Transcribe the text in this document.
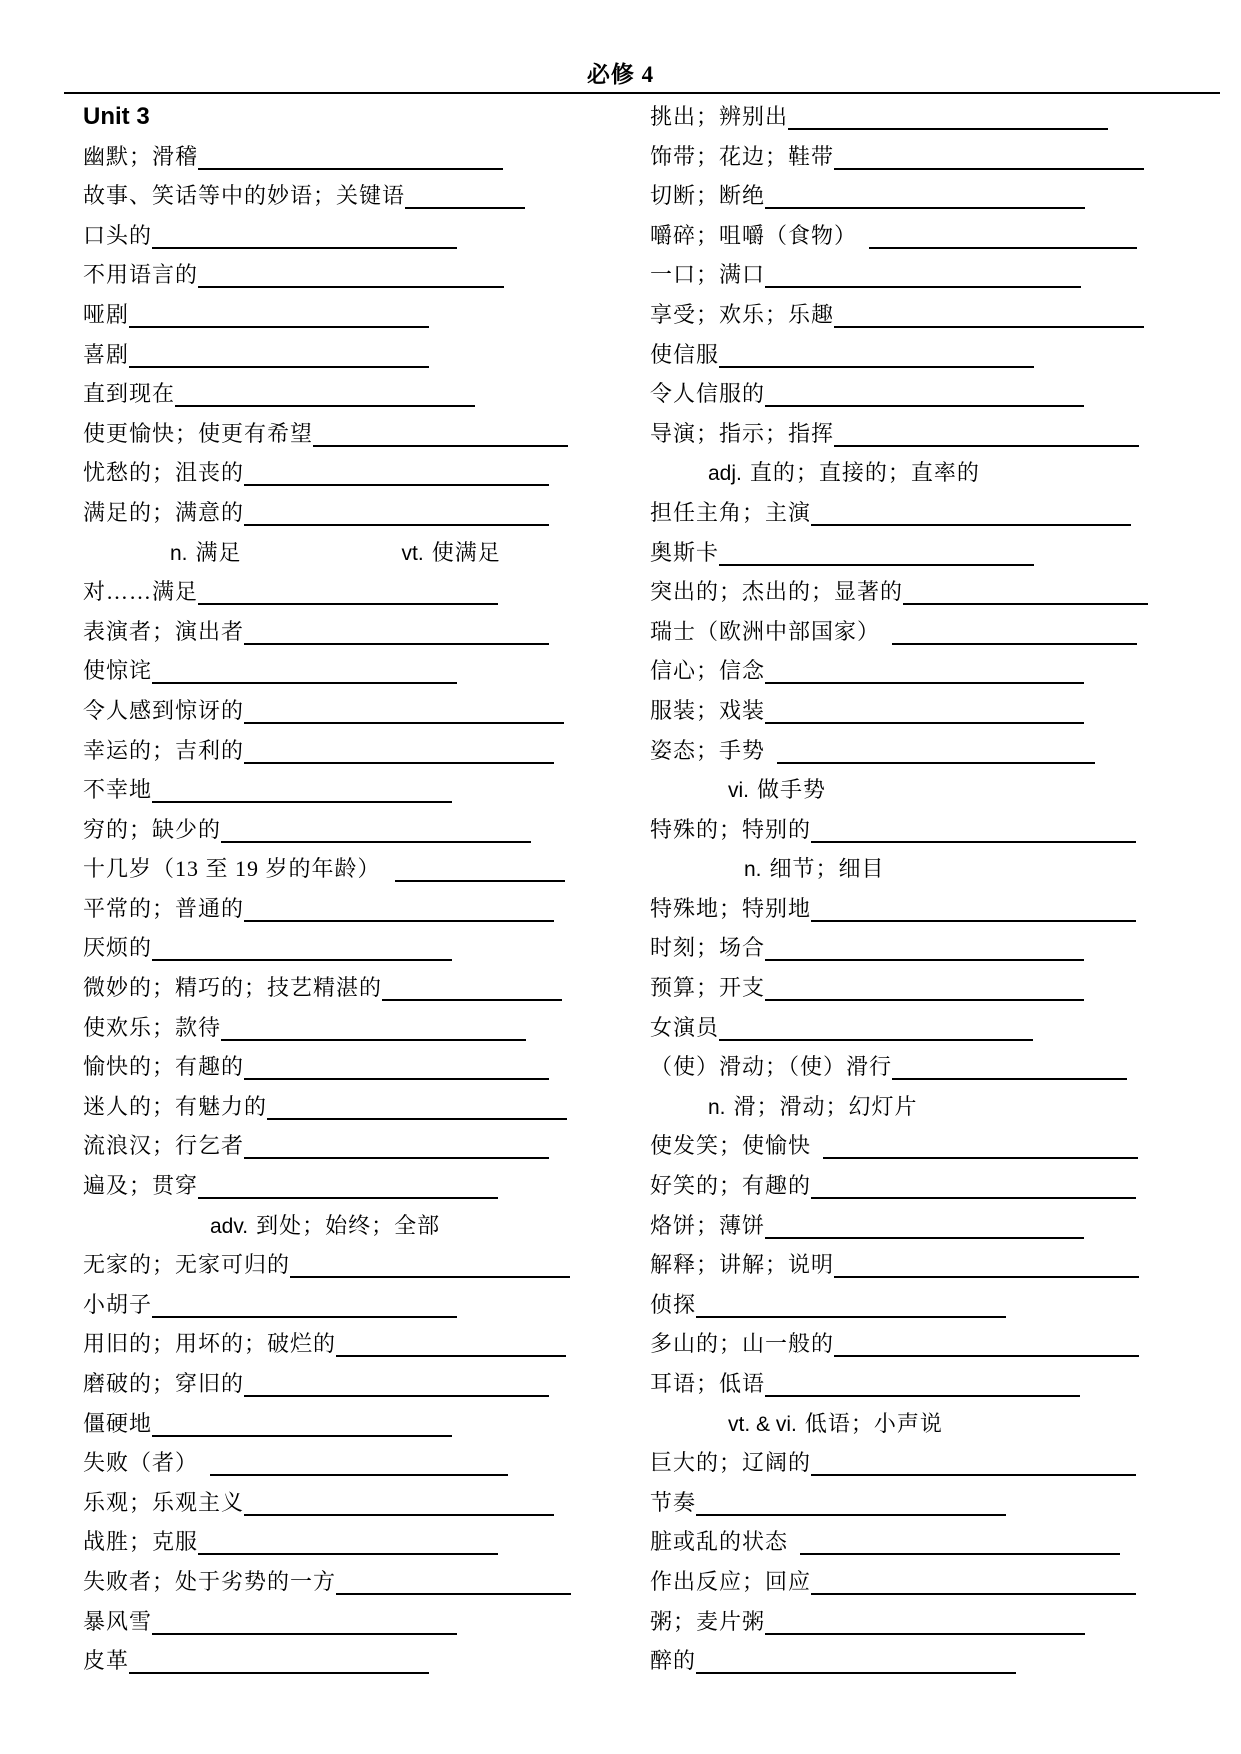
必修 4
Unit 3
幽默；滑稽
故事、笑话等中的妙语；关键语
口头的
不用语言的
哑剧
喜剧
直到现在
使更愉快；使更有希望
忧愁的；沮丧的
满足的；满意的
n. 满足	vt. 使满足
对……满足
表演者；演出者
使惊诧
令人感到惊讶的
幸运的；吉利的
不幸地
穷的；缺少的
十几岁（13 至 19 岁的年龄）
平常的；普通的
厌烦的
微妙的；精巧的；技艺精湛的
使欢乐；款待
愉快的；有趣的
迷人的；有魅力的
流浪汉；行乞者
遍及；贯穿
adv. 到处；始终；全部
无家的；无家可归的
小胡子
用旧的；用坏的；破烂的
磨破的；穿旧的
僵硬地
失败（者）
乐观；乐观主义
战胜；克服
失败者；处于劣势的一方
暴风雪
皮革
挑出；辨别出
饰带；花边；鞋带
切断；断绝
嚼碎；咀嚼（食物）
一口；满口
享受；欢乐；乐趣
使信服
令人信服的
导演；指示；指挥
adj. 直的；直接的；直率的
担任主角；主演
奥斯卡
突出的；杰出的；显著的
瑞士（欧洲中部国家）
信心；信念
服装；戏装
姿态；手势
vi. 做手势
特殊的；特别的
n. 细节；细目
特殊地；特别地
时刻；场合
预算；开支
女演员
（使）滑动；（使）滑行
n. 滑；滑动；幻灯片
使发笑；使愉快
好笑的；有趣的
烙饼；薄饼
解释；讲解；说明
侦探
多山的；山一般的
耳语；低语
vt. & vi. 低语；小声说
巨大的；辽阔的
节奏
脏或乱的状态
作出反应；回应
粥；麦片粥
醉的
